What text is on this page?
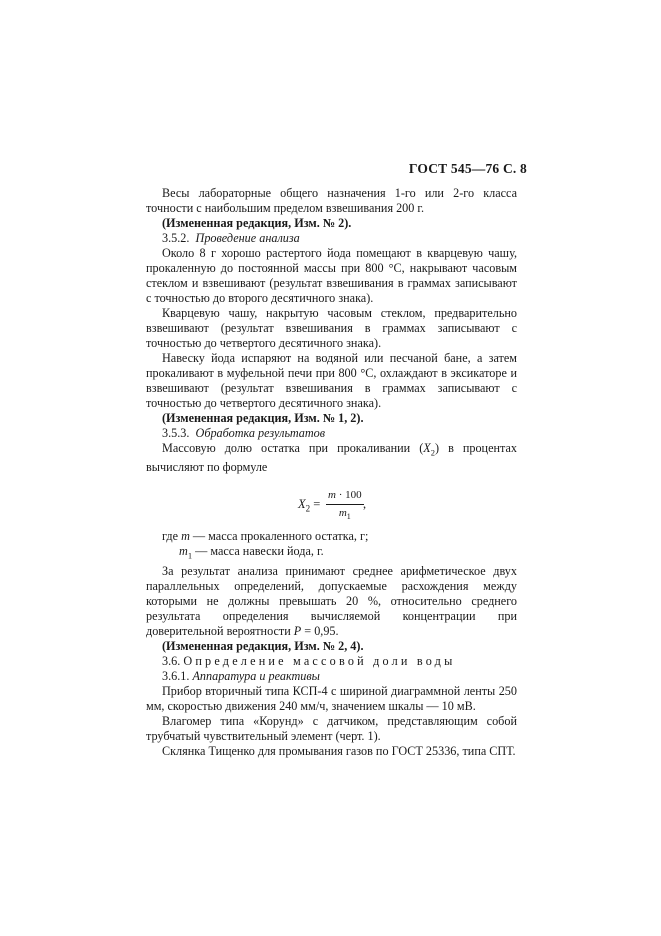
ГОСТ 545—76 С. 8

Весы лабораторные общего назначения 1-го или 2-го класса точности с наибольшим пределом взвешивания 200 г.

(Измененная редакция, Изм. № 2).

3.5.2. Проведение анализа

Около 8 г хорошо растертого йода помещают в кварцевую чашу, прокаленную до постоянной массы при 800 °С, накрывают часовым стеклом и взвешивают (результат взвешивания в граммах записывают с точностью до второго десятичного знака).

Кварцевую чашу, накрытую часовым стеклом, предварительно взвешивают (результат взвешивания в граммах записывают с точностью до четвертого десятичного знака).

Навеску йода испаряют на водяной или песчаной бане, а затем прокаливают в муфельной печи при 800 °С, охлаждают в эксикаторе и взвешивают (результат взвешивания в граммах записывают с точностью до четвертого десятичного знака).

(Измененная редакция, Изм. № 1, 2).

3.5.3. Обработка результатов

Массовую долю остатка при прокаливании $(X_2)$ в процентах вычисляют по формуле

$X_2 = \frac{m \cdot 100}{m_1}$ ,

где m — масса прокаленного остатка, г;

$m_1$ — масса навески йода, г.

За результат анализа принимают среднее арифметическое двух параллельных определений, допускаемые расхождения между которыми не должны превышать 20 %, относительно среднего результата определения вычисляемой концентрации при доверительной вероятности P = 0,95.

(Измененная редакция, Изм. № 2, 4).

3.6. Определение массовой доли воды

3.6.1. Аппаратура и реактивы

Прибор вторичный типа КСП-4 с шириной диаграммной ленты 250 мм, скоростью движения 240 мм/ч, значением шкалы — 10 мВ.

Влагомер типа «Корунд» с датчиком, представляющим собой трубчатый чувствительный элемент (черт. 1).

Склянка Тищенко для промывания газов по ГОСТ 25336, типа СПТ.
